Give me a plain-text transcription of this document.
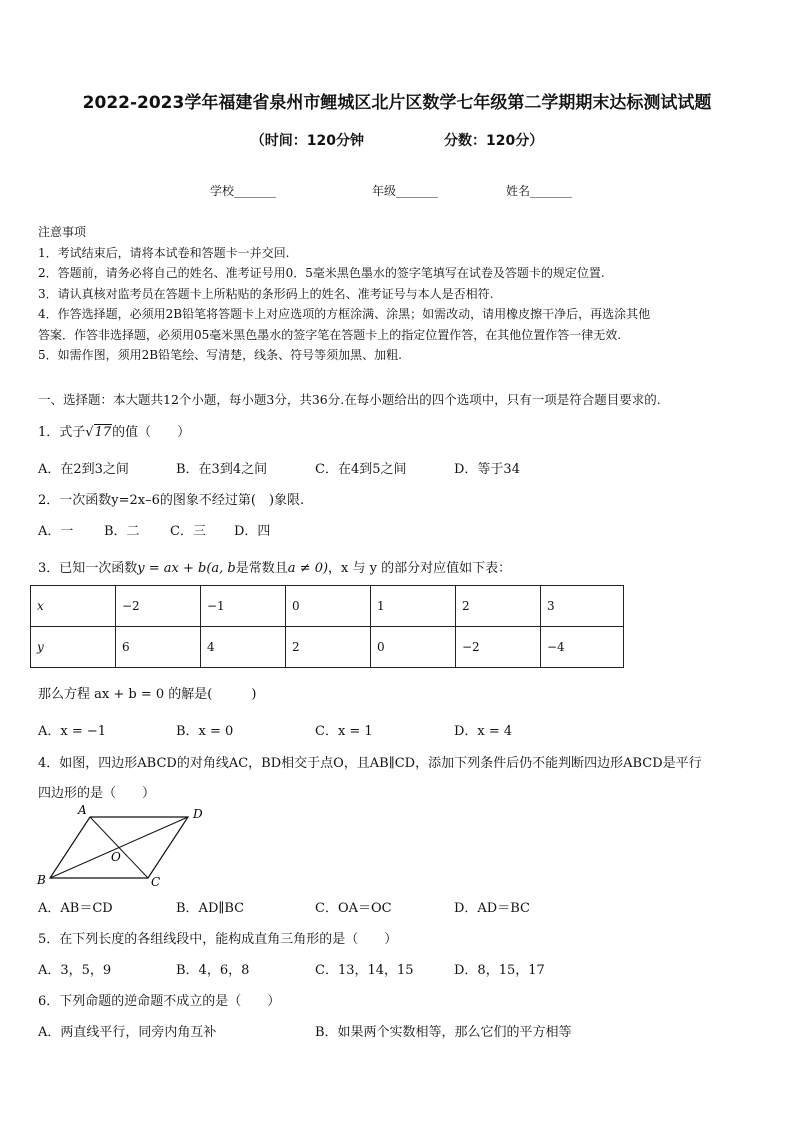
2022-2023学年福建省泉州市鲤城区北片区数学七年级第二学期期末达标测试试题
（时间：120分钟	分数：120分）
学校_______	年级_______	姓名_______

注意事项

1．考试结束后，请将本试卷和答题卡一并交回.

2．答题前，请务必将自己的姓名、准考证号用0．5毫米黑色墨水的签字笔填写在试卷及答题卡的规定位置.

3．请认真核对监考员在答题卡上所粘贴的条形码上的姓名、准考证号与本人是否相符.

4．作答选择题，必须用2B铅笔将答题卡上对应选项的方框涂满、涂黑；如需改动，请用橡皮擦干净后，再选涂其他

答案．作答非选择题，必须用05毫米黑色墨水的签字笔在答题卡上的指定位置作答，在其他位置作答一律无效.

5．如需作图，须用2B铅笔绘、写清楚，线条、符号等须加黑、加粗.

一、选择题：本大题共12个小题，每小题3分，共36分.在每小题给出的四个选项中，只有一项是符合题目要求的.
1．式子√17的值（　　）
A．在2到3之间	B．在3到4之间	C．在4到5之间	D．等于34
2．一次函数y=2x–6的图象不经过第(　)象限.
A．一 B．二 C．三 D．四
3．已知一次函数y = ax + b(a, b是常数且a ≠ 0)，x 与 y 的部分对应值如下表：
x	−2	−1	0	1	2	3
y	6	4	2	0	−2	−4
那么方程 ax + b = 0 的解是(　　　)
A．x = −1	B．x = 0	C．x = 1	D．x = 4
4．如图，四边形ABCD的对角线AC，BD相交于点O，且AB∥CD，添加下列条件后仍不能判断四边形ABCD是平行
四边形的是（　　）
A	D
O
B	C
A．AB＝CD	B．AD∥BC	C．OA＝OC	D．AD＝BC
5．在下列长度的各组线段中，能构成直角三角形的是（　　）
A．3，5，9	B．4，6，8	C．13，14，15	D．8，15，17
6．下列命题的逆命题不成立的是（　　）
A．两直线平行，同旁内角互补	B．如果两个实数相等，那么它们的平方相等
